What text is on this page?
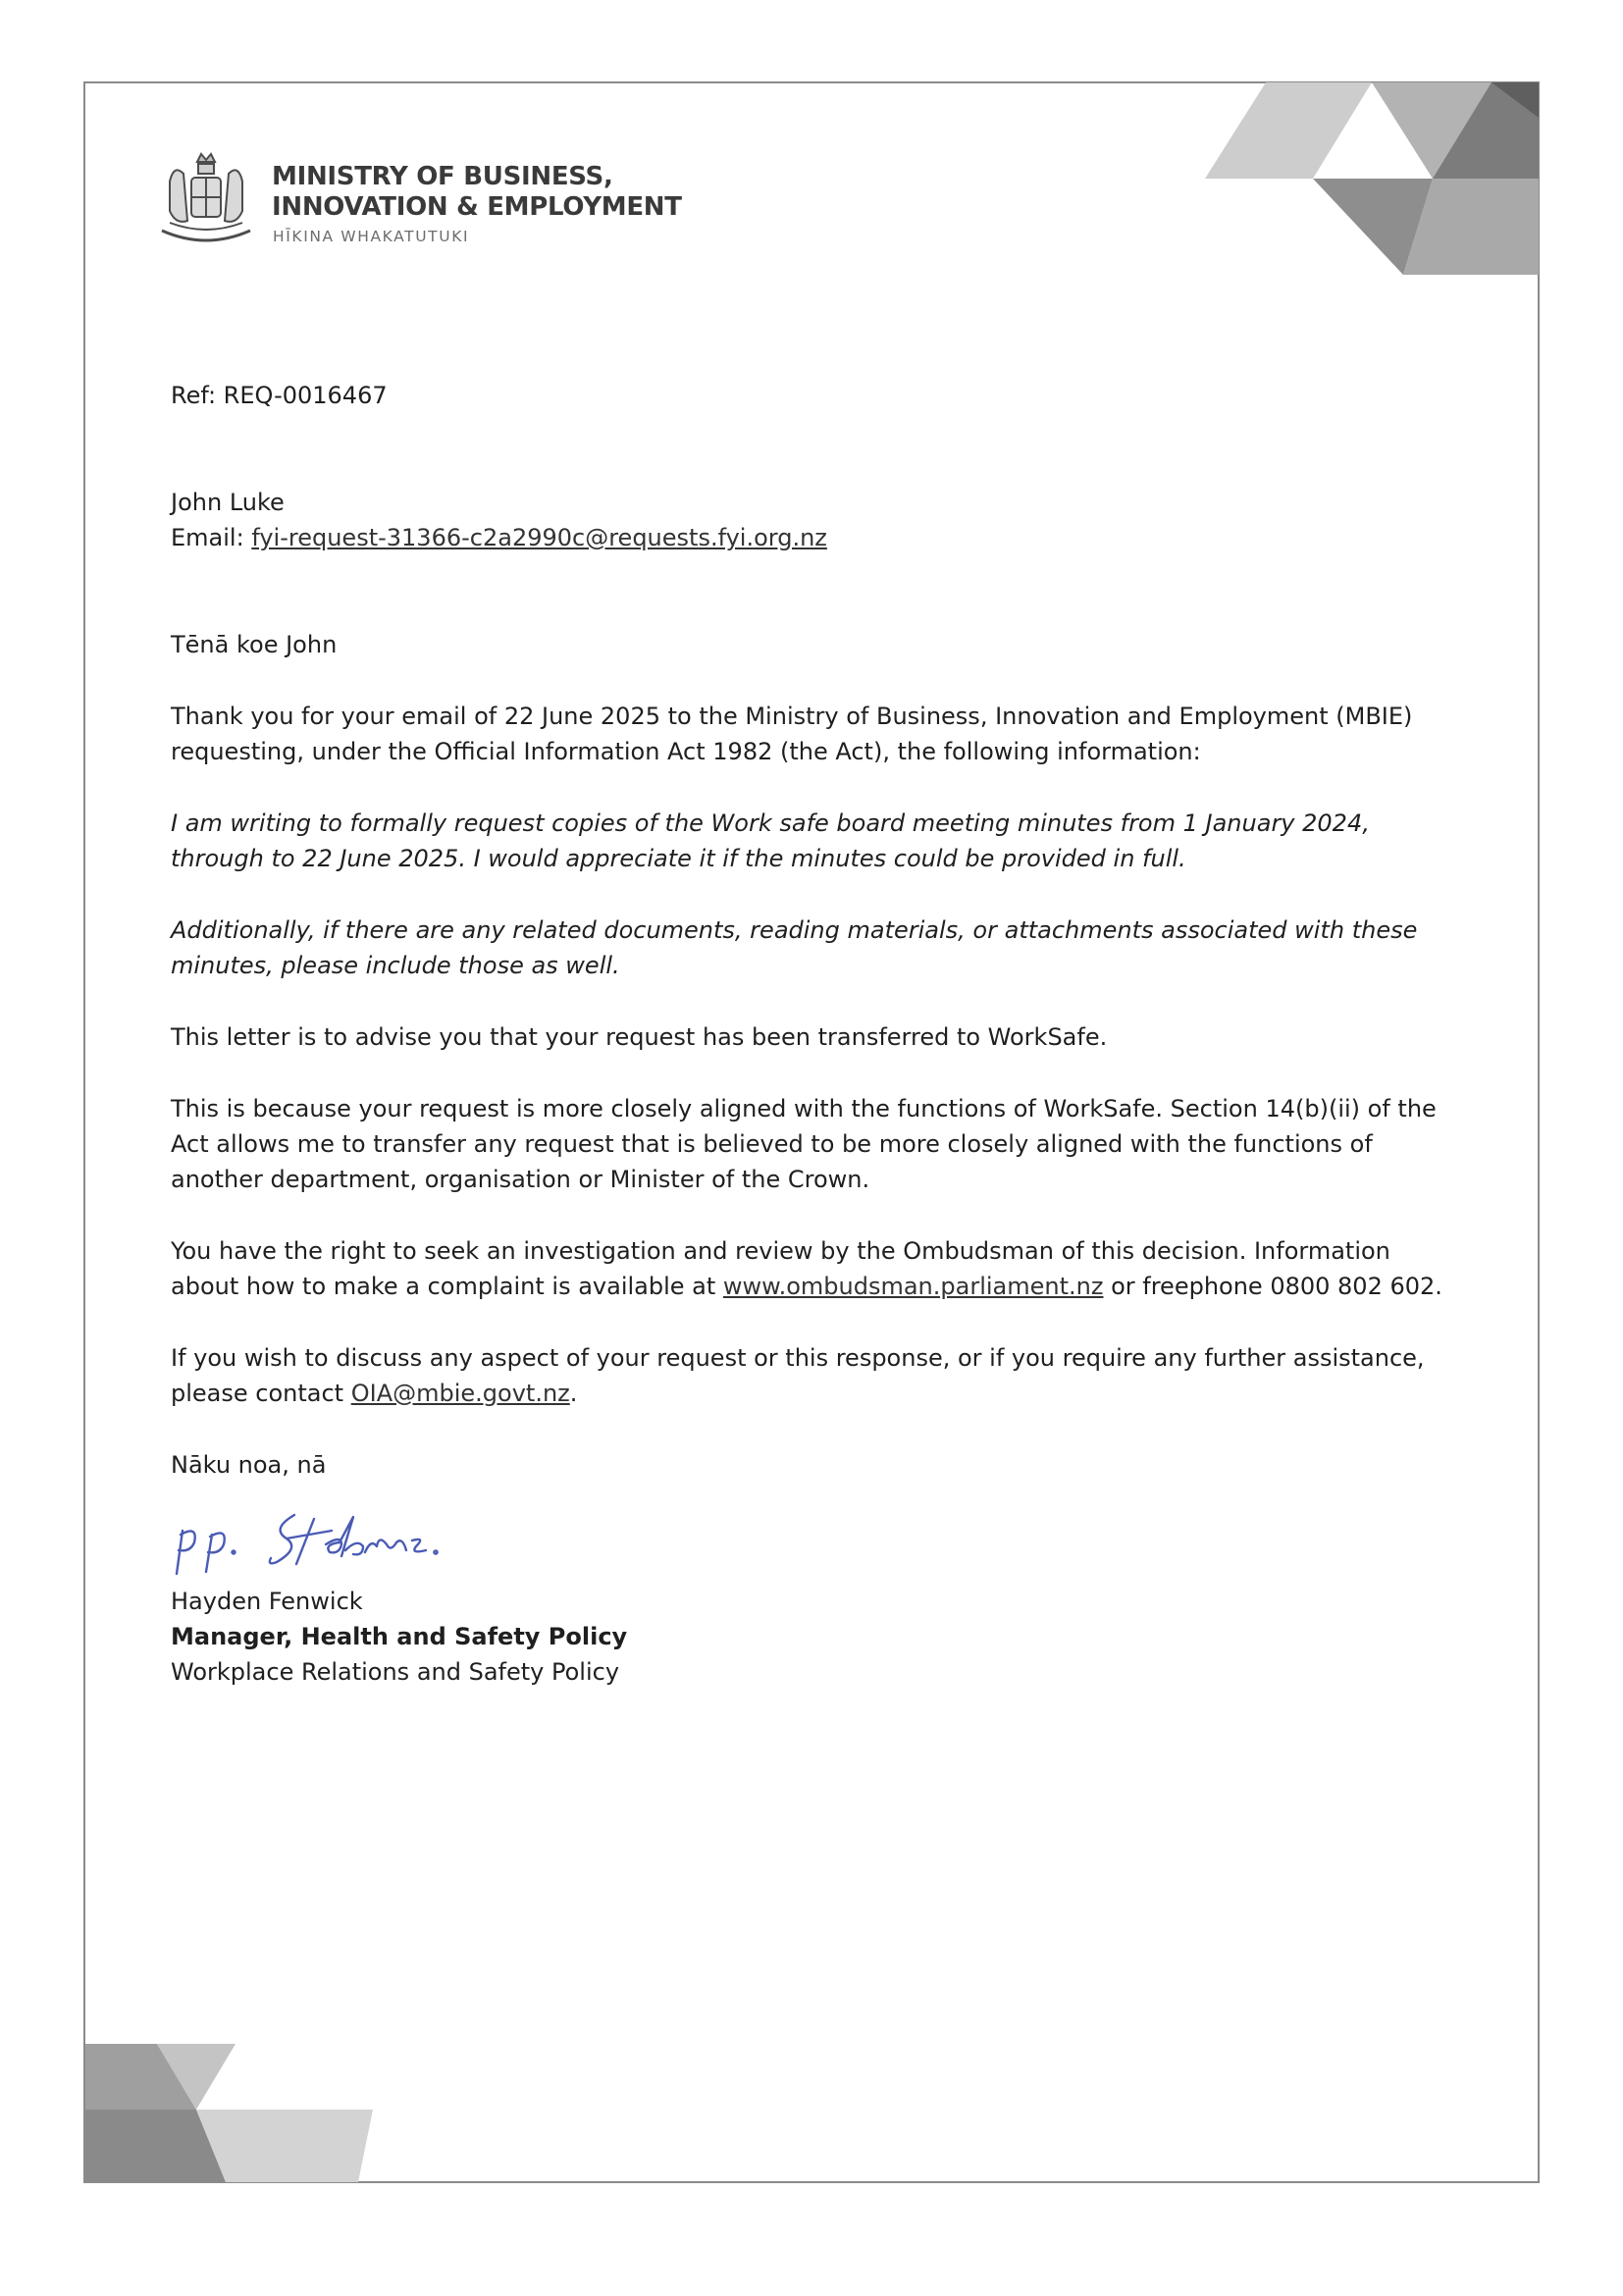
MINISTRY OF BUSINESS,
INNOVATION & EMPLOYMENT
HĪKINA WHAKATUTUKI

Ref: REQ-0016467

John Luke

Email: fyi-request-31366-c2a2990c@requests.fyi.org.nz

Tēnā koe John

Thank you for your email of 22 June 2025 to the Ministry of Business, Innovation and Employment (MBIE)

requesting, under the Official Information Act 1982 (the Act), the following information:

I am writing to formally request copies of the Work safe board meeting minutes from 1 January 2024,

through to 22 June 2025. I would appreciate it if the minutes could be provided in full.

Additionally, if there are any related documents, reading materials, or attachments associated with these

minutes, please include those as well.

This letter is to advise you that your request has been transferred to WorkSafe.

This is because your request is more closely aligned with the functions of WorkSafe. Section 14(b)(ii) of the

Act allows me to transfer any request that is believed to be more closely aligned with the functions of

another department, organisation or Minister of the Crown.

You have the right to seek an investigation and review by the Ombudsman of this decision. Information

about how to make a complaint is available at www.ombudsman.parliament.nz or freephone 0800 802 602.

If you wish to discuss any aspect of your request or this response, or if you require any further assistance,

please contact OIA@mbie.govt.nz.

Nāku noa, nā

Hayden Fenwick

Manager, Health and Safety Policy

Workplace Relations and Safety Policy
